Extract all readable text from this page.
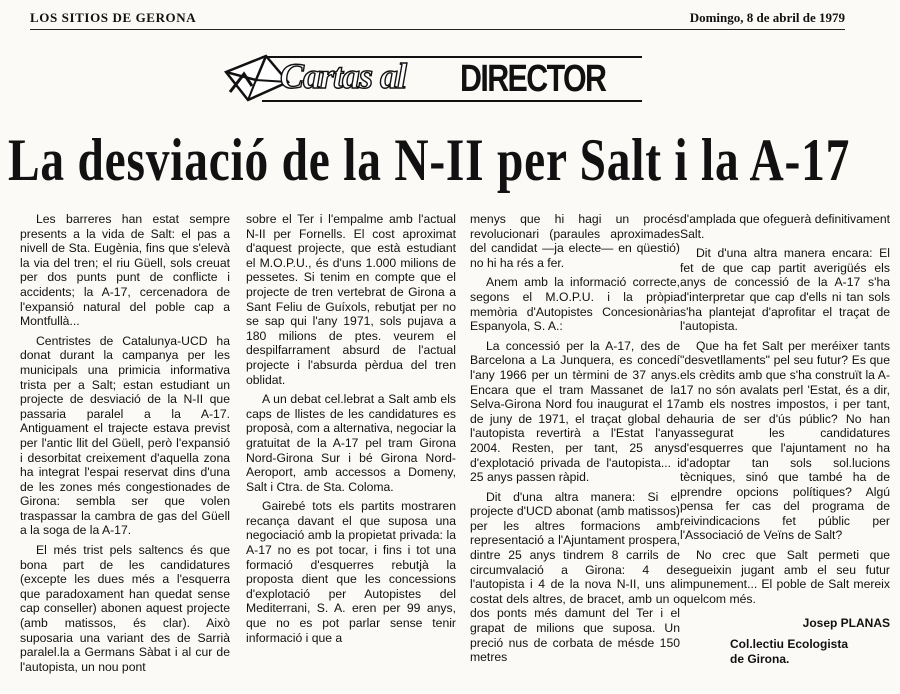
LOS SITIOS DE GERONA	Domingo, 8 de abril de 1979
Cartas al DIRECTOR
La desviació de la N-II per Salt i la A-17

Les barreres han estat sempre presents a la vida de Salt: el pas a nivell de Sta. Eugènia, fins que s'elevà la via del tren; el riu Güell, sols creuat per dos punts punt de conflicte i accidents; la A-17, cercenadora de l'expansió natural del poble cap a Montfullà...

Centristes de Catalunya-UCD ha donat durant la campanya per les municipals una primicia informativa trista per a Salt; estan estudiant un projecte de desviació de la N-II que passaria paralel a la A-17. Antiguament el trajecte estava previst per l'antic llit del Güell, però l'expansió i desorbitat creixement d'aquella zona ha integrat l'espai reservat dins d'una de les zones més congestionades de Girona: sembla ser que volen traspassar la cambra de gas del Güell a la soga de la A-17.

El més trist pels saltencs és que bona part de les candidatures (excepte les dues més a l'esquerra que paradoxament han quedat sense cap conseller) abonen aquest projecte (amb matissos, és clar). Això suposaria una variant des de Sarrià paralel.la a Germans Sàbat i al cur de l'autopista, un nou pont

sobre el Ter i l'empalme amb l'actual N-II per Fornells. El cost aproximat d'aquest projecte, que està estudiant el M.O.P.U., és d'uns 1.000 milions de pessetes. Si tenim en compte que el projecte de tren vertebrat de Girona a Sant Feliu de Guíxols, rebutjat per no se sap qui l'any 1971, sols pujava a 180 milions de ptes. veurem el despilfarrament absurd de l'actual projecte i l'absurda pèrdua del tren oblidat.

A un debat cel.lebrat a Salt amb els caps de llistes de les candidatures es proposà, com a alternativa, negociar la gratuitat de la A-17 pel tram Girona Nord-Girona Sur i bé Girona Nord-Aeroport, amb accessos a Domeny, Salt i Ctra. de Sta. Coloma.

Gairebé tots els partits mostraren recança davant el que suposa una negociació amb la propietat privada: la A-17 no es pot tocar, i fins i tot una formació d'esquerres rebutjà la proposta dient que les concessions d'explotació per Autopistes del Mediterrani, S. A. eren per 99 anys, que no es pot parlar sense tenir informació i que a

menys que hi hagi un procés revolucionari (paraules aproximades del candidat —ja electe— en qüestió) no hi ha rés a fer.

Anem amb la informació correcte, segons el M.O.P.U. i la pròpia memòria d'Autopistes Concesionària Espanyola, S. A.:

La concessió per la A-17, des de Barcelona a La Junquera, es concedí l'any 1966 per un tèrmini de 37 anys. Encara que el tram Massanet de la Selva-Girona Nord fou inaugurat el 17 de juny de 1971, el traçat global de l'autopista revertirà a l'Estat l'any 2004. Resten, per tant, 25 anys d'explotació privada de l'autopista... i 25 anys passen ràpid.

Dit d'una altra manera: Si el projecte d'UCD abonat (amb matissos) per les altres formacions amb representació a l'Ajuntament prospera, dintre 25 anys tindrem 8 carrils de circumvalació a Girona: 4 de l'autopista i 4 de la nova N-II, uns al costat dels altres, de bracet, amb un o dos ponts més damunt del Ter i el grapat de milions que suposa. Un preció nus de corbata de mésde 150 metres

d'amplada que ofeguerà definitivament Salt.

Dit d'una altra manera encara: El fet de que cap partit averigüés els anys de concessió de la A-17 s'ha d'interpretar que cap d'ells ni tan sols s'ha plantejat d'aprofitar el traçat de l'autopista.

Que ha fet Salt per meréixer tants "desvetllaments" pel seu futur? Es que els crèdits amb que s'ha construït la A-17 no són avalats perl 'Estat, és a dir, amb els nostres impostos, i per tant, hauria de ser d'ús públic? No han assegurat les candidatures d'esquerres que l'ajuntament no ha d'adoptar tan sols sol.lucions tècniques, sinó que també ha de prendre opcions polítiques? Algú pensa fer cas del programa de reivindicacions fet públic per l'Associació de Veïns de Salt?

No crec que Salt permeti que segueixin jugant amb el seu futur impunement... El poble de Salt mereix quelcom més.

Josep PLANAS
Col.lectiu Ecologista
de Girona.
